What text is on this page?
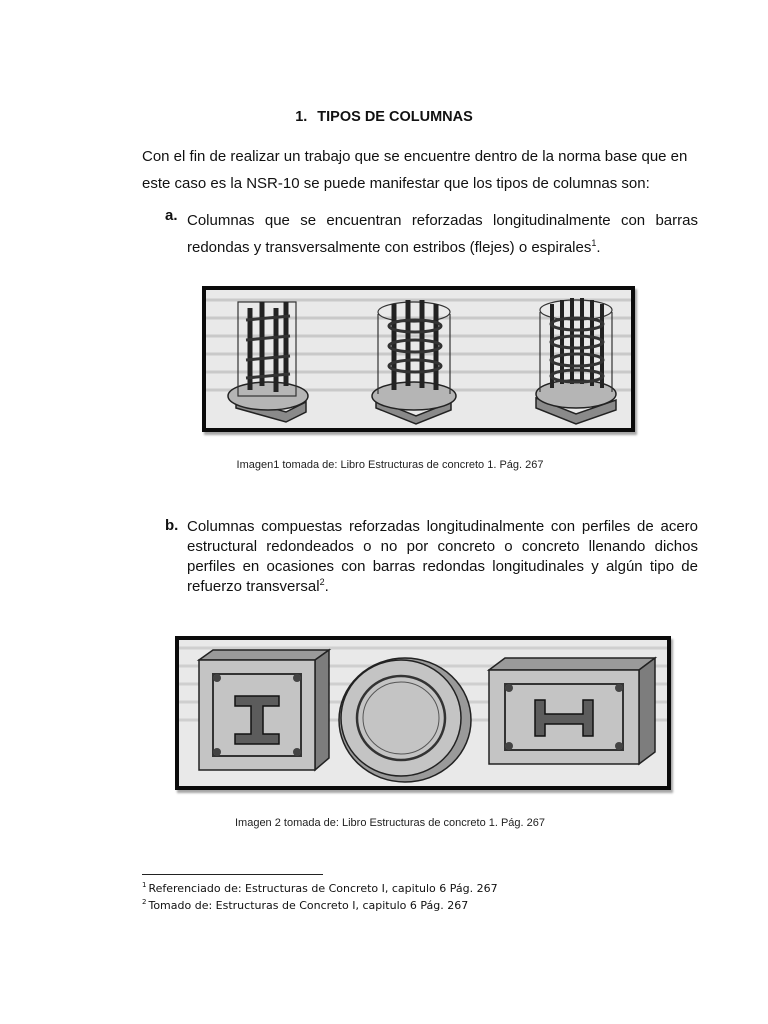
1. TIPOS DE COLUMNAS
Con el fin de realizar un trabajo que se encuentre dentro de la norma base que en este caso es la NSR-10 se puede manifestar que los tipos de columnas son:
a. Columnas que se encuentran reforzadas longitudinalmente con barras redondas y transversalmente con estribos (flejes) o espirales$^1$.
Imagen1 tomada de: Libro Estructuras de concreto 1. Pág. 267
b. Columnas compuestas reforzadas longitudinalmente con perfiles de acero estructural redondeados o no por concreto o concreto llenando dichos perfiles en ocasiones con barras redondas longitudinales y algún tipo de refuerzo transversal$^2$.
Imagen 2 tomada de: Libro Estructuras de concreto 1. Pág. 267
$^1$ Referenciado de: Estructuras de Concreto I, capitulo 6 Pág. 267
$^2$ Tomado de: Estructuras de Concreto I, capitulo 6 Pág. 267
